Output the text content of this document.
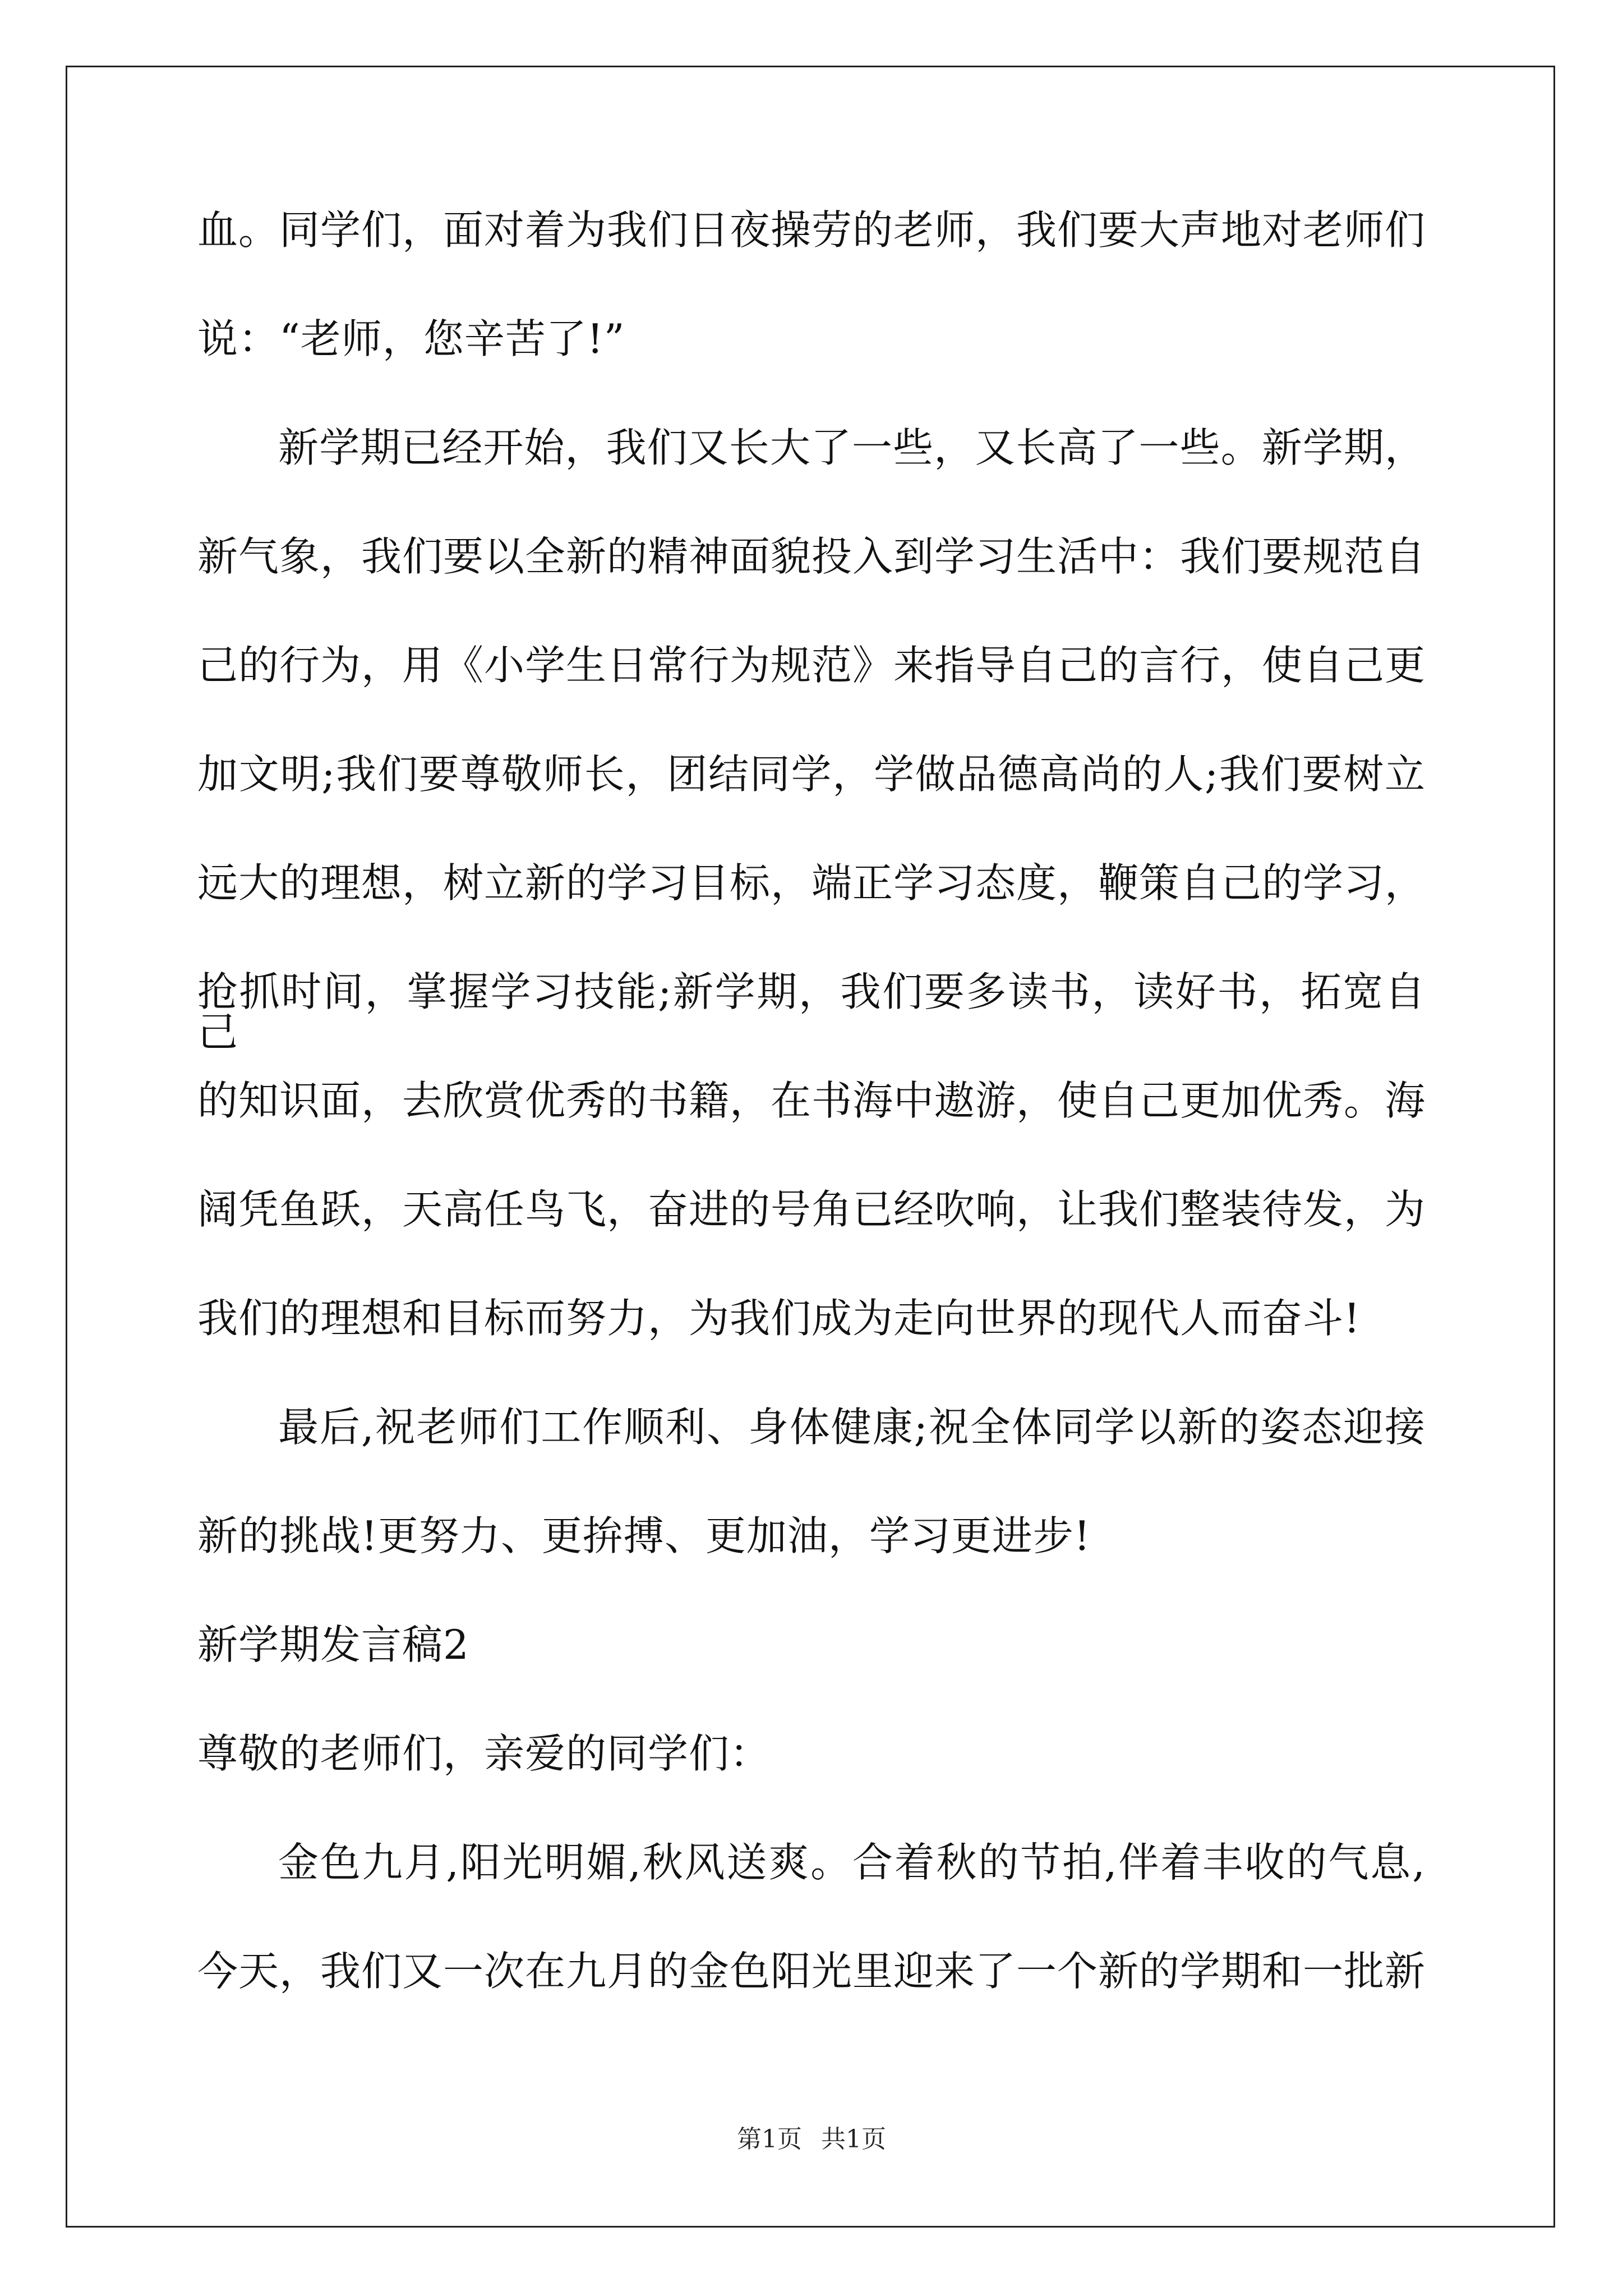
血。同学们，面对着为我们日夜操劳的老师，我们要大声地对老师们
说：“老师，您辛苦了!”
新学期已经开始，我们又长大了一些，又长高了一些。新学期，
新气象，我们要以全新的精神面貌投入到学习生活中：我们要规范自
己的行为，用《小学生日常行为规范》来指导自己的言行，使自己更
加文明;我们要尊敬师长，团结同学，学做品德高尚的人;我们要树立
远大的理想，树立新的学习目标，端正学习态度，鞭策自己的学习，
抢抓时间，掌握学习技能;新学期，我们要多读书，读好书，拓宽自己
的知识面，去欣赏优秀的书籍，在书海中遨游，使自己更加优秀。海
阔凭鱼跃，天高任鸟飞，奋进的号角已经吹响，让我们整装待发，为
我们的理想和目标而努力，为我们成为走向世界的现代人而奋斗!
最后,祝老师们工作顺利、身体健康;祝全体同学以新的姿态迎接
新的挑战!更努力、更拚搏、更加油，学习更进步!
新学期发言稿2
尊敬的老师们，亲爱的同学们：
金色九月,阳光明媚,秋风送爽。合着秋的节拍,伴着丰收的气息,
今天，我们又一次在九月的金色阳光里迎来了一个新的学期和一批新
第1页 共1页
